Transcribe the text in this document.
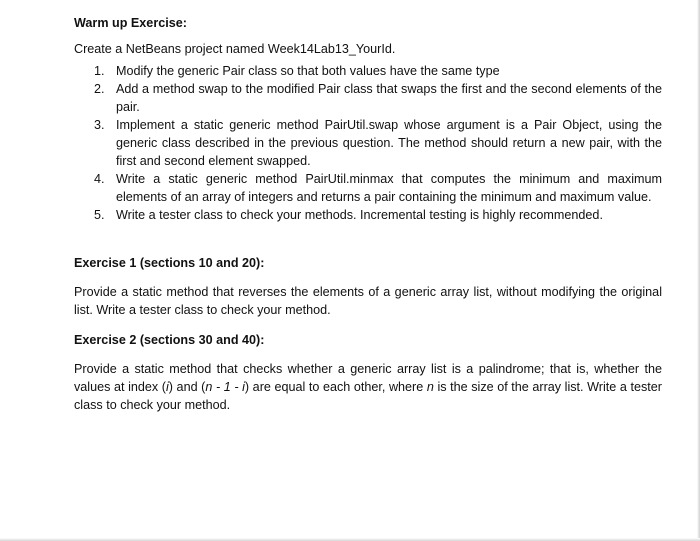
Warm up Exercise:

Create a NetBeans project named Week14Lab13_YourId.

1. Modify the generic Pair class so that both values have the same type
2. Add a method swap to the modified Pair class that swaps the first and the second elements of the pair.
3. Implement a static generic method PairUtil.swap whose argument is a Pair Object, using the generic class described in the previous question. The method should return a new pair, with the first and second element swapped.
4. Write a static generic method PairUtil.minmax that computes the minimum and maximum elements of an array of integers and returns a pair containing the minimum and maximum value.
5. Write a tester class to check your methods. Incremental testing is highly recommended.

Exercise 1 (sections 10 and 20):

Provide a static method that reverses the elements of a generic array list, without modifying the original list. Write a tester class to check your method.

Exercise 2 (sections 30 and 40):

Provide a static method that checks whether a generic array list is a palindrome; that is, whether the values at index (i) and (n - 1 - i) are equal to each other, where n is the size of the array list. Write a tester class to check your method.
